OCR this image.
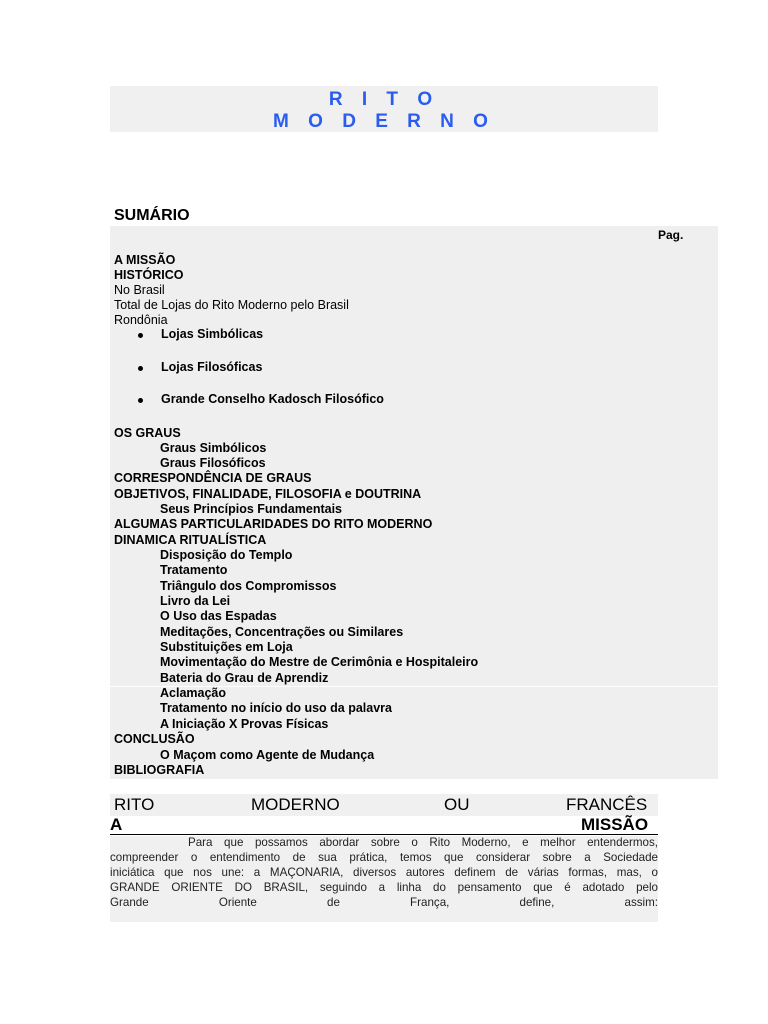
R I T O
M O D E R N O
SUMÁRIO
Pag.
A MISSÃO
HISTÓRICO
No Brasil
Total de Lojas do Rito Moderno pelo Brasil
Rondônia
Lojas Simbólicas
Lojas Filosóficas
Grande Conselho Kadosch Filosófico
OS GRAUS
Graus Simbólicos
Graus Filosóficos
CORRESPONDÊNCIA DE GRAUS
OBJETIVOS, FINALIDADE, FILOSOFIA e DOUTRINA
Seus Princípios Fundamentais
ALGUMAS PARTICULARIDADES DO RITO MODERNO
DINAMICA RITUALÍSTICA
Disposição do Templo
Tratamento
Triângulo dos Compromissos
Livro da Lei
O Uso das Espadas
Meditações, Concentrações ou Similares
Substituições em Loja
Movimentação do Mestre de Cerimônia e Hospitaleiro
Bateria do Grau de Aprendiz
Aclamação
Tratamento no início do uso da palavra
A Iniciação X Provas Físicas
CONCLUSÃO
O Maçom como Agente de Mudança
BIBLIOGRAFIA
RITO	MODERNO	OU	FRANCÊS
A	MISSÃO
Para que possamos abordar sobre o Rito Moderno, e melhor entendermos,
compreender o entendimento de sua prática, temos que considerar sobre a Sociedade
iniciática que nos une: a MAÇONARIA, diversos autores definem de várias formas, mas, o
GRANDE ORIENTE DO BRASIL, seguindo a linha do pensamento que é adotado pelo
Grande Oriente de França, define, assim:
